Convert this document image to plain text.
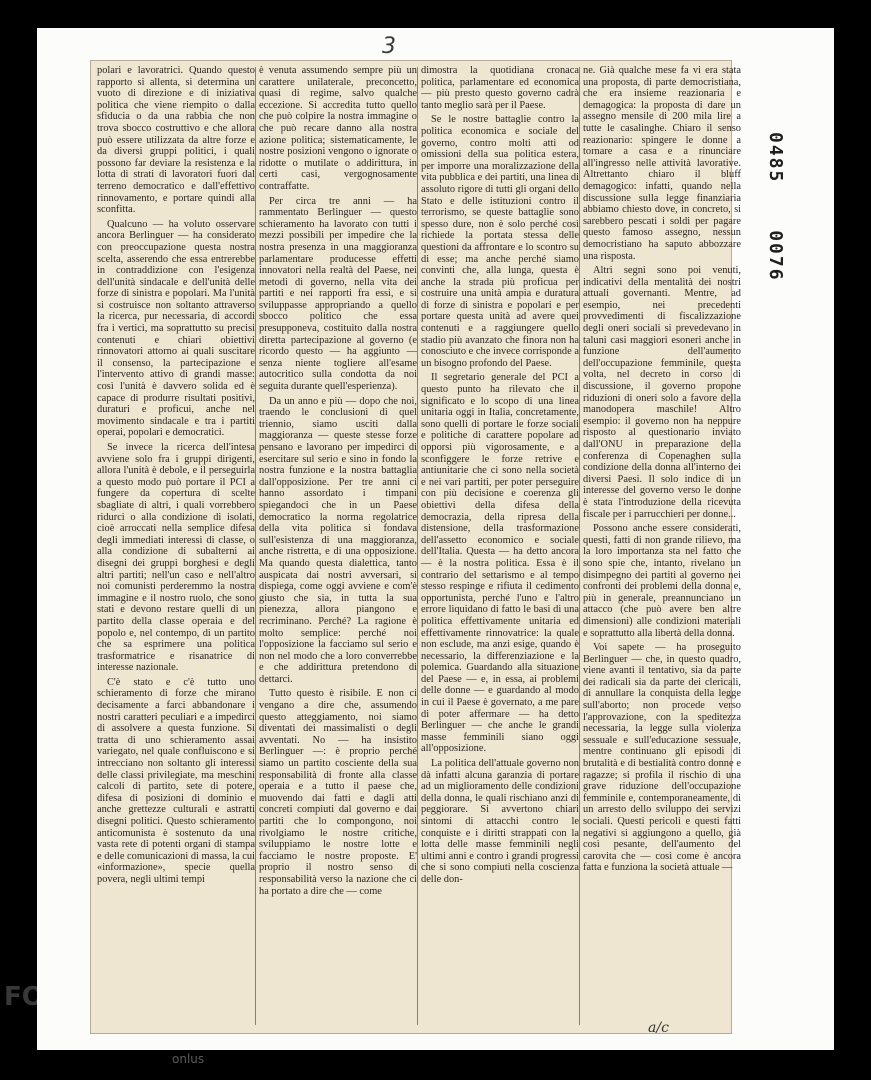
3

polari e lavoratrici. Quando questo rapporto si allenta, si determina un vuoto di direzione e di iniziativa politica che viene riempito o dalla sfiducia o da una rabbia che non trova sbocco costruttivo e che allora può essere utilizzata da altre forze e da diversi gruppi politici, i quali possono far deviare la resistenza e la lotta di strati di lavoratori fuori dal terreno democratico e dall'effettivo rinnovamento, e portare quindi alla sconfitta.

Qualcuno — ha voluto osservare ancora Berlinguer — ha considerato con preoccupazione questa nostra scelta, asserendo che essa entrerebbe in contraddizione con l'esigenza dell'unità sindacale e dell'unità delle forze di sinistra e popolari. Ma l'unità si costruisce non soltanto attraverso la ricerca, pur necessaria, di accordi fra i vertici, ma soprattutto su precisi contenuti e chiari obiettivi rinnovatori attorno ai quali suscitare il consenso, la partecipazione e l'intervento attivo di grandi masse: così l'unità è davvero solida ed è capace di produrre risultati positivi, duraturi e proficui, anche nel movimento sindacale e tra i partiti operai, popolari e democratici.

Se invece la ricerca dell'intesa avviene solo fra i gruppi dirigenti, allora l'unità è debole, e il perseguirla a questo modo può portare il PCI a fungere da copertura di scelte sbagliate di altri, i quali vorrebbero ridurci o alla condizione di isolati, cioè arroccati nella semplice difesa degli immediati interessi di classe, o alla condizione di subalterni ai disegni dei gruppi borghesi e degli altri partiti; nell'un caso e nell'altro noi comunisti perderemmo la nostra immagine e il nostro ruolo, che sono stati e devono restare quelli di un partito della classe operaia e del popolo e, nel contempo, di un partito che sa esprimere una politica trasformatrice e risanatrice di interesse nazionale.

C'è stato e c'è tutto uno schieramento di forze che mirano decisamente a farci abbandonare i nostri caratteri peculiari e a impedirci di assolvere a questa funzione. Si tratta di uno schieramento assai variegato, nel quale confluiscono e si intrecciano non soltanto gli interessi delle classi privilegiate, ma meschini calcoli di partito, sete di potere, difesa di posizioni di dominio e anche grettezze culturali e astratti disegni politici. Questo schieramento anticomunista è sostenuto da una vasta rete di potenti organi di stampa e delle comunicazioni di massa, la cui «informazione», specie quella povera, negli ultimi tempi

è venuta assumendo sempre più un carattere unilaterale, preconcetto, quasi di regime, salvo qualche eccezione. Si accredita tutto quello che può colpire la nostra immagine o che può recare danno alla nostra azione politica; sistematicamente, le nostre posizioni vengono o ignorate o ridotte o mutilate o addirittura, in certi casi, vergognosamente contraffatte.

Per circa tre anni — ha rammentato Berlinguer — questo schieramento ha lavorato con tutti i mezzi possibili per impedire che la nostra presenza in una maggioranza parlamentare producesse effetti innovatori nella realtà del Paese, nei metodi di governo, nella vita dei partiti e nei rapporti fra essi, e si sviluppasse appropriando a quello sbocco politico che essa presupponeva, costituito dalla nostra diretta partecipazione al governo (e ricordo questo — ha aggiunto — senza niente togliere all'esame autocritico sulla condotta da noi seguita durante quell'esperienza).

Da un anno e più — dopo che noi, traendo le conclusioni di quel triennio, siamo usciti dalla maggioranza — queste stesse forze pensano e lavorano per impedirci di esercitare sul serio e sino in fondo la nostra funzione e la nostra battaglia dall'opposizione. Per tre anni ci hanno assordato i timpani spiegandoci che in un Paese democratico la norma regolatrice della vita politica si fondava sull'esistenza di una maggioranza, anche ristretta, e di una opposizione. Ma quando questa dialettica, tanto auspicata dai nostri avversari, si dispiega, come oggi avviene e com'è giusto che sia, in tutta la sua pienezza, allora piangono e recriminano. Perché? La ragione è molto semplice: perché noi l'opposizione la facciamo sul serio e non nel modo che a loro converrebbe e che addirittura pretendono di dettarci.

Tutto questo è risibile. E non ci vengano a dire che, assumendo questo atteggiamento, noi siamo diventati dei massimalisti o degli avventati. No — ha insistito Berlinguer —: è proprio perché siamo un partito cosciente della sua responsabilità di fronte alla classe operaia e a tutto il paese che, muovendo dai fatti e dagli atti concreti compiuti dal governo e dai partiti che lo compongono, noi rivolgiamo le nostre critiche, sviluppiamo le nostre lotte e facciamo le nostre proposte. E' proprio il nostro senso di responsabilità verso la nazione che ci ha portato a dire che — come

dimostra la quotidiana cronaca politica, parlamentare ed economica — più presto questo governo cadrà tanto meglio sarà per il Paese.

Se le nostre battaglie contro la politica economica e sociale del governo, contro molti atti od omissioni della sua politica estera, per imporre una moralizzazione della vita pubblica e dei partiti, una linea di assoluto rigore di tutti gli organi dello Stato e delle istituzioni contro il terrorismo, se queste battaglie sono spesso dure, non è solo perché così richiede la portata stessa delle questioni da affrontare e lo scontro su di esse; ma anche perché siamo convinti che, alla lunga, questa è anche la strada più proficua per costruire una unità ampia e duratura di forze di sinistra e popolari e per portare questa unità ad avere quei contenuti e a raggiungere quello stadio più avanzato che finora non ha conosciuto e che invece corrisponde a un bisogno profondo del Paese.

Il segretario generale del PCI a questo punto ha rilevato che il significato e lo scopo di una linea unitaria oggi in Italia, concretamente, sono quelli di portare le forze sociali e politiche di carattere popolare ad opporsi più vigorosamente, e a sconfiggere le forze retrive e antiunitarie che ci sono nella società e nei vari partiti, per poter perseguire con più decisione e coerenza gli obiettivi della difesa della democrazia, della ripresa della distensione, della trasformazione dell'assetto economico e sociale dell'Italia. Questa — ha detto ancora — è la nostra politica. Essa è il contrario del settarismo e al tempo stesso respinge e rifiuta il cedimento opportunista, perché l'uno e l'altro errore liquidano di fatto le basi di una politica effettivamente unitaria ed effettivamente rinnovatrice: la quale non esclude, ma anzi esige, quando è necessario, la differenziazione e la polemica. Guardando alla situazione del Paese — e, in essa, ai problemi delle donne — e guardando al modo in cui il Paese è governato, a me pare di poter affermare — ha detto Berlinguer — che anche le grandi masse femminili siano oggi all'opposizione.

La politica dell'attuale governo non dà infatti alcuna garanzia di portare ad un miglioramento delle condizioni della donna, le quali rischiano anzi di peggiorare. Si avvertono chiari sintomi di attacchi contro le conquiste e i diritti strappati con la lotta delle masse femminili negli ultimi anni e contro i grandi progressi che si sono compiuti nella coscienza delle don-

ne. Già qualche mese fa vi era stata una proposta, di parte democristiana, che era insieme reazionaria e demagogica: la proposta di dare un assegno mensile di 200 mila lire a tutte le casalinghe. Chiaro il senso reazionario: spingere le donne a tornare a casa e a rinunciare all'ingresso nelle attività lavorative. Altrettanto chiaro il bluff demagogico: infatti, quando nella discussione sulla legge finanziaria abbiamo chiesto dove, in concreto, si sarebbero pescati i soldi per pagare questo famoso assegno, nessun democristiano ha saputo abbozzare una risposta.

Altri segni sono poi venuti, indicativi della mentalità dei nostri attuali governanti. Mentre, ad esempio, nei precedenti provvedimenti di fiscalizzazione degli oneri sociali si prevedevano in taluni casi maggiori esoneri anche in funzione dell'aumento dell'occupazione femminile, questa volta, nel decreto in corso di discussione, il governo propone riduzioni di oneri solo a favore della manodopera maschile! Altro esempio: il governo non ha neppure risposto al questionario inviato dall'ONU in preparazione della conferenza di Copenaghen sulla condizione della donna all'interno dei diversi Paesi. Il solo indice di un interesse del governo verso le donne è stata l'introduzione della ricevuta fiscale per i parrucchieri per donne...

Possono anche essere considerati, questi, fatti di non grande rilievo, ma la loro importanza sta nel fatto che sono spie che, intanto, rivelano un disimpegno dei partiti al governo nei confronti dei problemi della donna e, più in generale, preannunciano un attacco (che può avere ben altre dimensioni) alle condizioni materiali e soprattutto alla libertà della donna.

Voi sapete — ha proseguito Berlinguer — che, in questo quadro, viene avanti il tentativo, sia da parte dei radicali sia da parte dei clericali, di annullare la conquista della legge sull'aborto; non procede verso l'approvazione, con la speditezza necessaria, la legge sulla violenza sessuale e sull'educazione sessuale, mentre continuano gli episodi di brutalità e di bestialità contro donne e ragazze; si profila il rischio di una grave riduzione dell'occupazione femminile e, contemporaneamente, di un arresto dello sviluppo dei servizi sociali. Questi pericoli e questi fatti negativi si aggiungono a quello, già così pesante, dell'aumento del carovita che — così come è ancora fatta e funziona la società attuale —

0485 0076
a/c
FO
onlus
